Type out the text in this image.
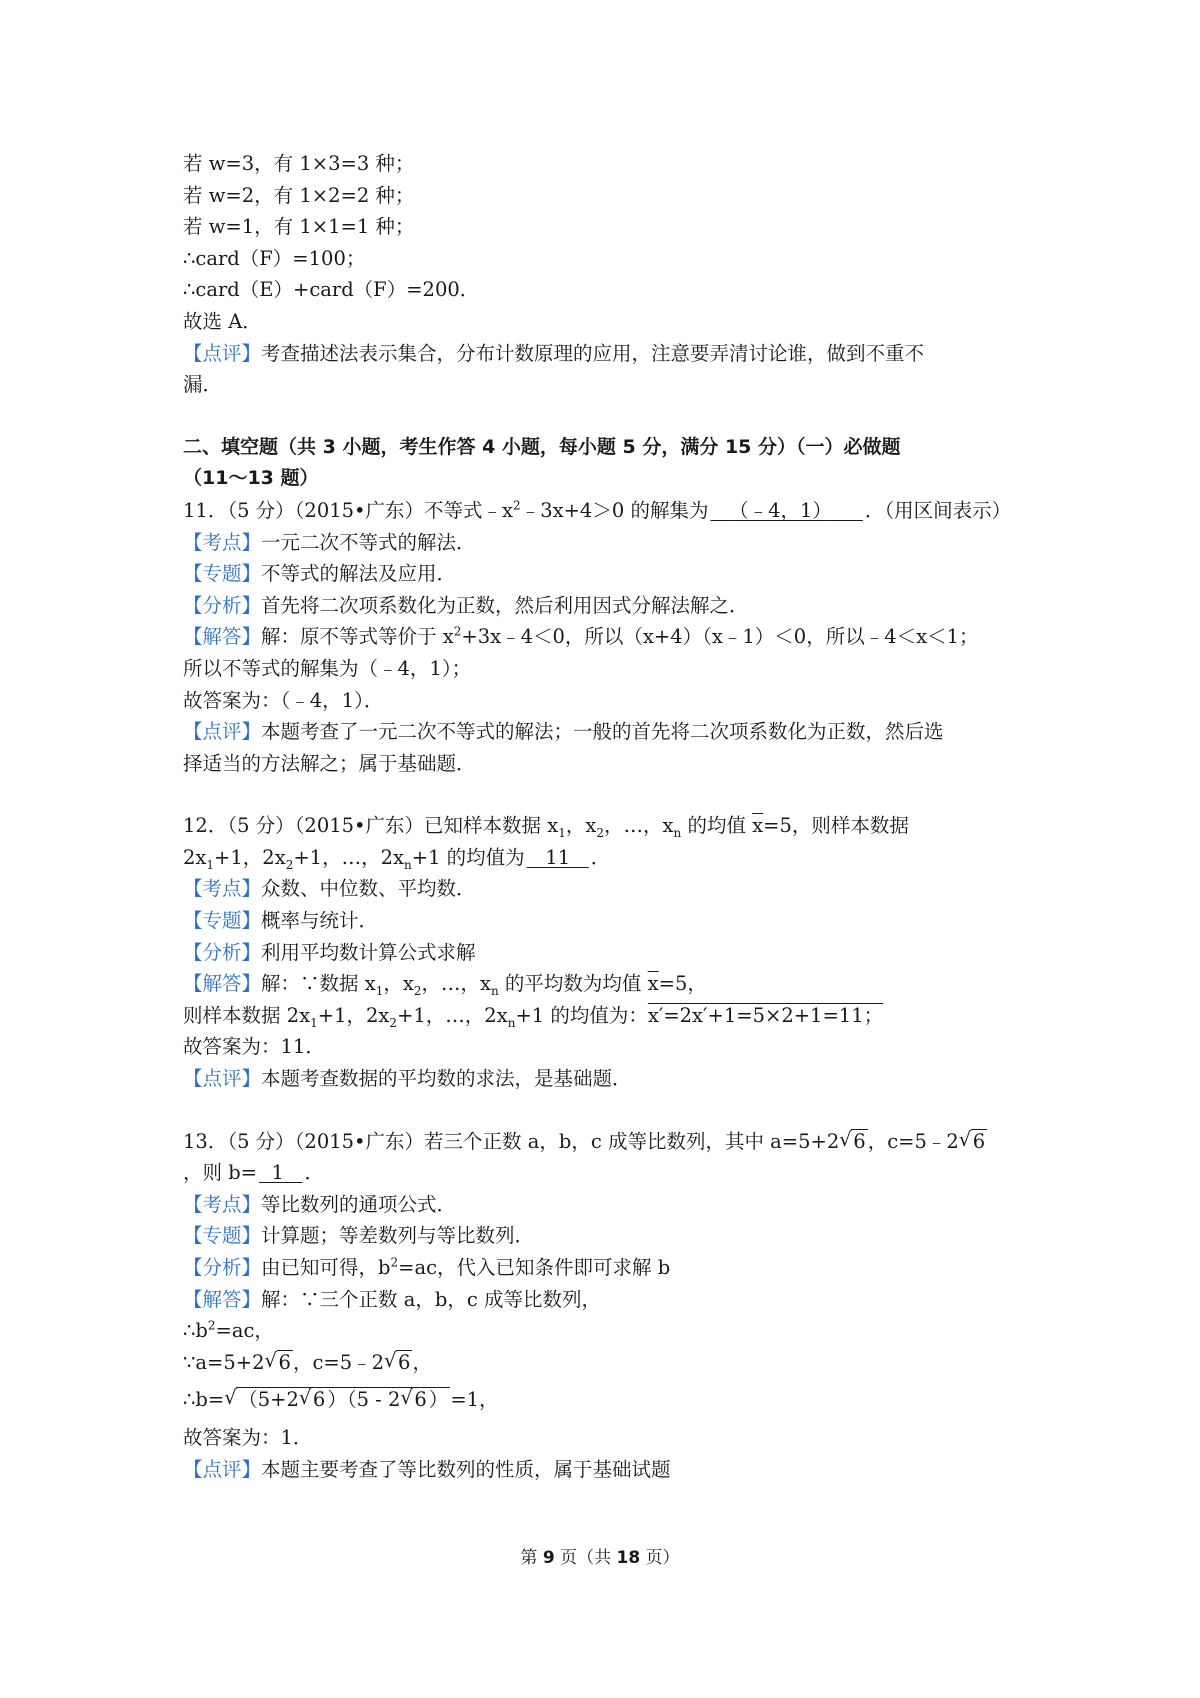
若 w=3，有 1×3=3 种；
若 w=2，有 1×2=2 种；
若 w=1，有 1×1=1 种；
∴card（F）=100；
∴card（E）+card（F）=200．
故选 A．
【点评】考查描述法表示集合，分布计数原理的应用，注意要弄清讨论谁，做到不重不
漏．
二、填空题（共 3 小题，考生作答 4 小题，每小题 5 分，满分 15 分）（一）必做题
（11～13 题）
11．（5 分）（2015•广东）不等式$﹣x^2﹣3x+4>0$ 的解集为 （﹣4，1） ．（用区间表示）
【考点】一元二次不等式的解法．
【专题】不等式的解法及应用．
【分析】首先将二次项系数化为正数，然后利用因式分解法解之．
【解答】解：原不等式等价于 $x^2+3x﹣4<0$，所以（x+4）（x﹣1）＜0，所以﹣4＜x＜1；
所以不等式的解集为（﹣4，1）；
故答案为：（﹣4，1）．
【点评】本题考查了一元二次不等式的解法；一般的首先将二次项系数化为正数，然后选
择适当的方法解之；属于基础题．
12．（5 分）（2015•广东）已知样本数据 $x_1$，$x_2$，…，$x_n$ 的均值 $\overline{x}=5$，则样本数据
$2x_1+1$，$2x_2+1$，…，$2x_n+1$ 的均值为 11 ．
【考点】众数、中位数、平均数．
【专题】概率与统计．
【分析】利用平均数计算公式求解
【解答】解：∵数据 $x_1$，$x_2$，…，$x_n$ 的平均数为均值 $\overline{x}=5$，
则样本数据 $2x_1+1$，$2x_2+1$，…，$2x_n+1$ 的均值为：x′=2x′+1=5×2+1=11；
故答案为：11．
【点评】本题考查数据的平均数的求法，是基础题．
13．（5 分）（2015•广东）若三个正数 a，b，c 成等比数列，其中 a=5+2 √ 6 ，c=5﹣2 √ 6
，则 b= 1 ．
【考点】等比数列的通项公式．
【专题】计算题；等差数列与等比数列．
【分析】由已知可得，$b^2=ac$，代入已知条件即可求解 b
【解答】解：∵三个正数 a，b，c 成等比数列，
$\therefore b^2=ac$，
∵a=5+2 √ 6 ，c=5﹣2 √ 6 ，
∴b= √ （5+2 √ 6 ）（5 - 2 √ 6 ） =1，
故答案为：1．
【点评】本题主要考查了等比数列的性质，属于基础试题
第 9 页（共 18 页）
